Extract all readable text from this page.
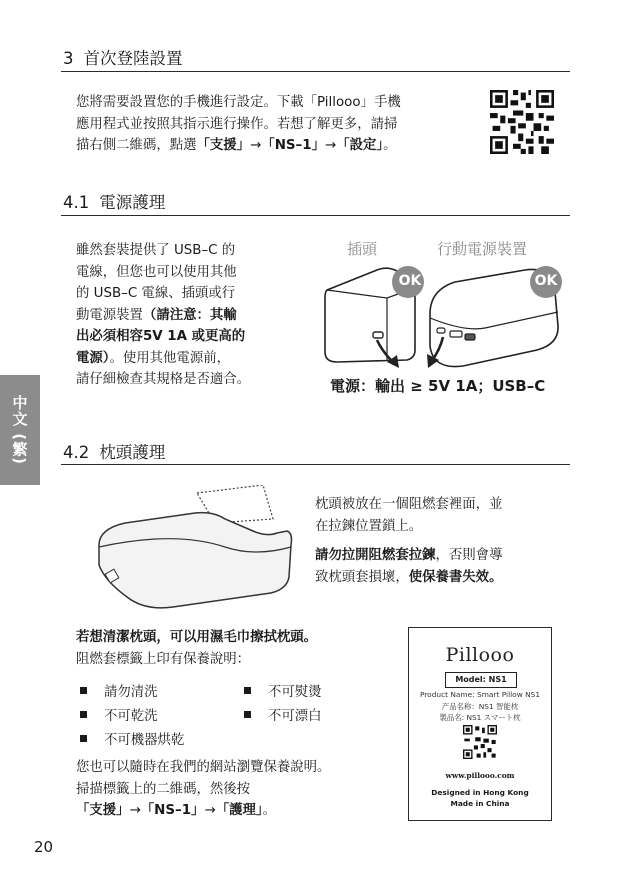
3 首次登陸設置
您將需要設置您的手機進行設定。下載「Pillooo」手機
應用程式並按照其指示進行操作。若想了解更多，請掃
描右側二維碼，點選「支援」→「NS–1」→「設定」。
4.1 電源護理
雖然套裝提供了 USB–C 的
電線，但您也可以使用其他
的 USB–C 電線、插頭或行
動電源裝置（請注意：其輸
出必須相容5V 1A 或更高的
電源）。使用其他電源前，
請仔細檢查其規格是否適合。
插頭	行動電源裝置
OK	OK
電源：輸出 ≥ 5V 1A；USB–C
中文 (繁) 4.2 枕頭護理
枕頭被放在一個阻燃套裡面，並
在拉鍊位置鎖上。
請勿拉開阻燃套拉鍊，否則會導
致枕頭套損壞，使保養書失效。
若想清潔枕頭，可以用濕毛巾擦拭枕頭。
阻燃套標籤上印有保養說明：
請勿清洗	不可熨燙
不可乾洗	不可漂白
不可機器烘乾
您也可以隨時在我們的網站瀏覽保養說明。
掃描標籤上的二維碼，然後按
「支援」→「NS–1」→「護理」。
Pillooo
Model: NS1
Product Name: Smart Pillow NS1
产品名称：NS1 智能枕
製品名: NS1 スマート枕
www.pillooo.com
Designed in Hong Kong
Made in China
20
